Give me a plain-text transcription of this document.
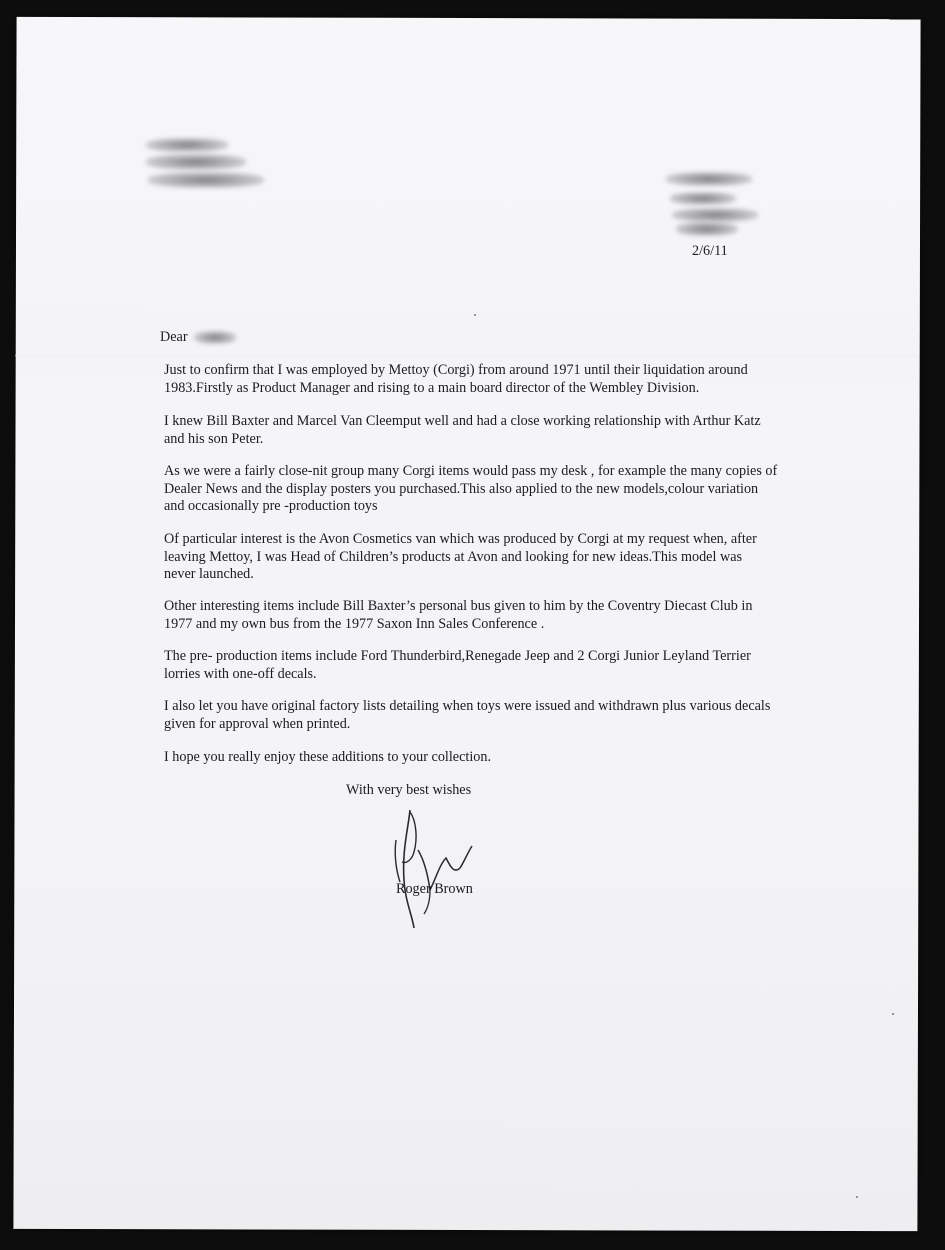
2/6/11
Dear

Just to confirm that I was employed by Mettoy (Corgi) from around 1971 until their liquidation around
1983.Firstly as Product Manager and rising to a main board director of the Wembley Division.

I knew Bill Baxter and Marcel Van Cleemput well and had a close working relationship with Arthur Katz
and his son Peter.

As we were a fairly close-nit group many Corgi items would pass my desk , for example the many copies of
Dealer News and the display posters you purchased.This also applied to the new models,colour variation
and occasionally pre -production toys

Of particular interest is the Avon Cosmetics van which was produced by Corgi at my request when, after
leaving Mettoy, I was Head of Children’s products at Avon and looking for new ideas.This model was
never launched.

Other interesting items include Bill Baxter’s personal bus given to him by the Coventry Diecast Club in
1977 and my own bus from the 1977 Saxon Inn Sales Conference .

The pre- production items include Ford Thunderbird,Renegade Jeep and 2 Corgi Junior Leyland Terrier
lorries with one-off decals.

I also let you have original factory lists detailing when toys were issued and withdrawn plus various decals
given for approval when printed.

I hope you really enjoy these additions to your collection.

With very best wishes
Roger Brown
